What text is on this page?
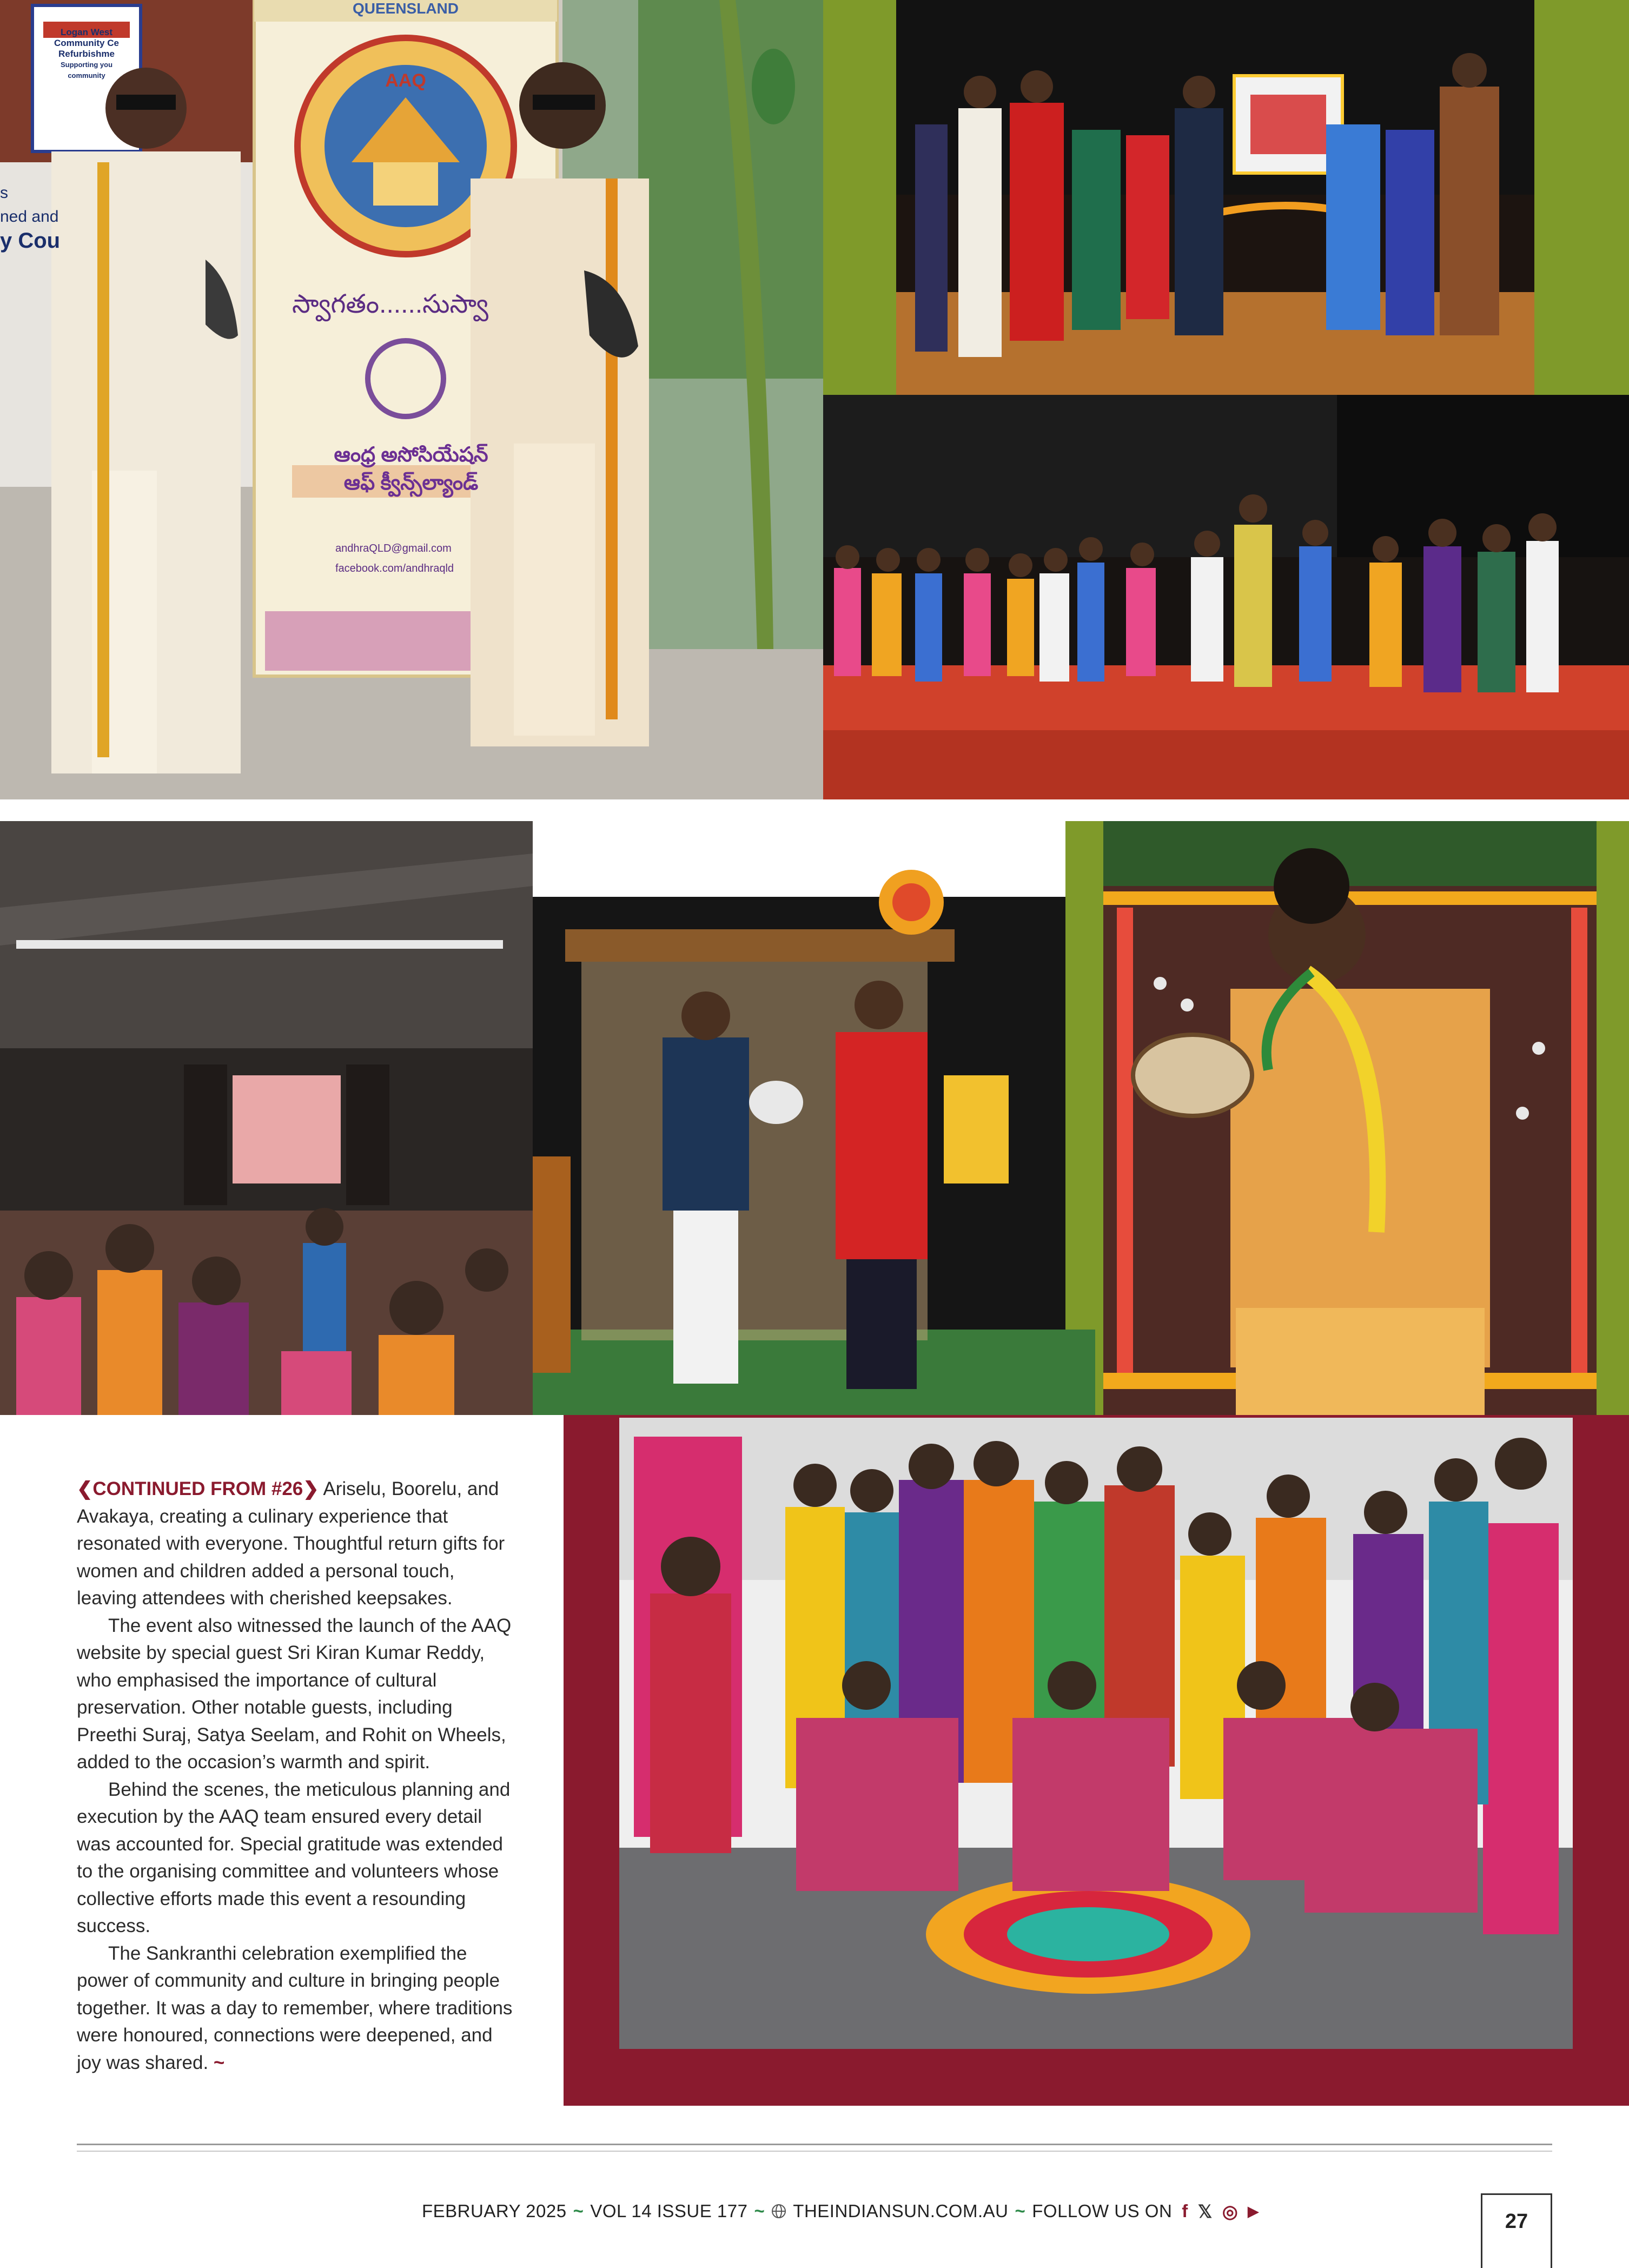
QUEENSLAND
AAQ
స్వాగతం......సుస్వా
ఆంధ్ర అసోసియేషన్ ఆఫ్ క్వీన్స్‌ల్యాండ్
andhraQLD@gmail.com
facebook.com/andhraqld
Logan West
Community Ce
Refurbishme
Supporting you
community
s
ned and
y Cou

❮CONTINUED FROM #26❯ Ariselu, Boorelu, and Avakaya, creating a culinary experience that resonated with everyone. Thoughtful return gifts for women and children added a personal touch, leaving attendees with cherished keepsakes.

The event also witnessed the launch of the AAQ website by special guest Sri Kiran Kumar Reddy, who emphasised the importance of cultural preservation. Other notable guests, including Preethi Suraj, Satya Seelam, and Rohit on Wheels, added to the occasion’s warmth and spirit.

Behind the scenes, the meticulous planning and execution by the AAQ team ensured every detail was accounted for. Special gratitude was extended to the organising committee and volunteers whose collective efforts made this event a resounding success.

The Sankranthi celebration exemplified the power of community and culture in bringing people together. It was a day to remember, where traditions were honoured, connections were deepened, and joy was shared. ~

FEBRUARY 2025 ~ VOL 14 ISSUE 177 ~ THEINDIANSUN.COM.AU ~ FOLLOW US ON f 𝕏 ◎ ▶	27
